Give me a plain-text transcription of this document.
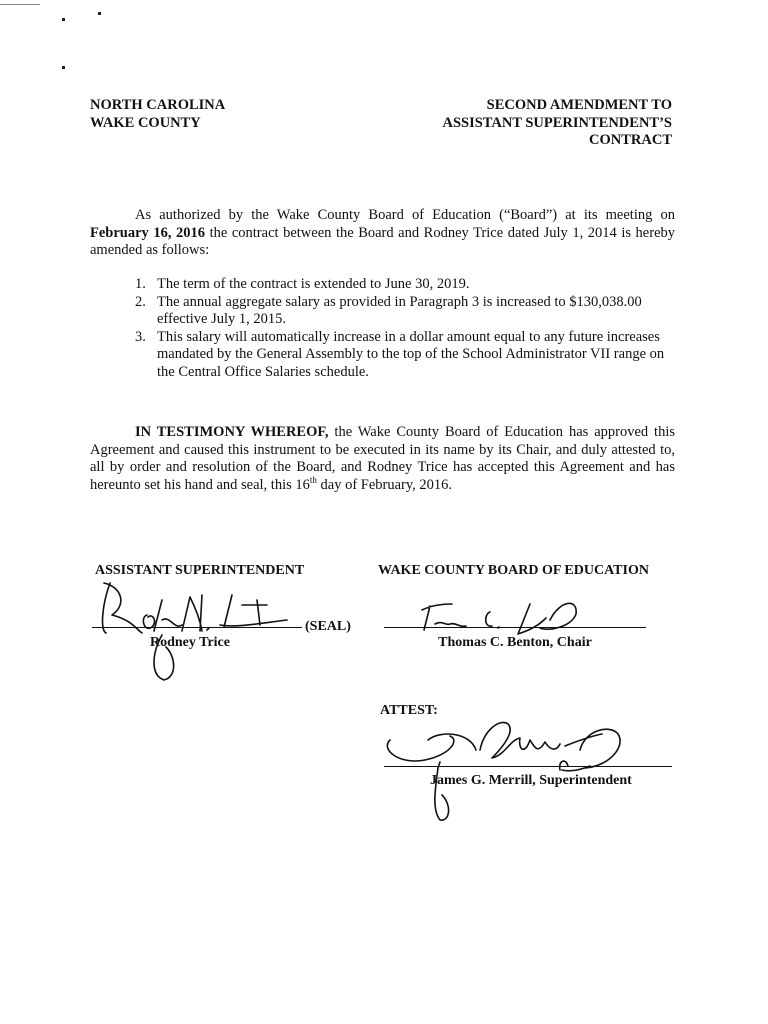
NORTH CAROLINA
WAKE COUNTY
SECOND AMENDMENT TO
ASSISTANT SUPERINTENDENT’S
CONTRACT
As authorized by the Wake County Board of Education (“Board”) at its meeting on February 16, 2016 the contract between the Board and Rodney Trice dated July 1, 2014 is hereby amended as follows:
1. The term of the contract is extended to June 30, 2019.
2. The annual aggregate salary as provided in Paragraph 3 is increased to $130,038.00 effective July 1, 2015.
3. This salary will automatically increase in a dollar amount equal to any future increases mandated by the General Assembly to the top of the School Administrator VII range on the Central Office Salaries schedule.
IN TESTIMONY WHEREOF, the Wake County Board of Education has approved this Agreement and caused this instrument to be executed in its name by its Chair, and duly attested to, all by order and resolution of the Board, and Rodney Trice has accepted this Agreement and has hereunto set his hand and seal, this 16th day of February, 2016.
ASSISTANT SUPERINTENDENT
(SEAL)
Rodney Trice
WAKE COUNTY BOARD OF EDUCATION
Thomas C. Benton, Chair
ATTEST:
James G. Merrill, Superintendent
